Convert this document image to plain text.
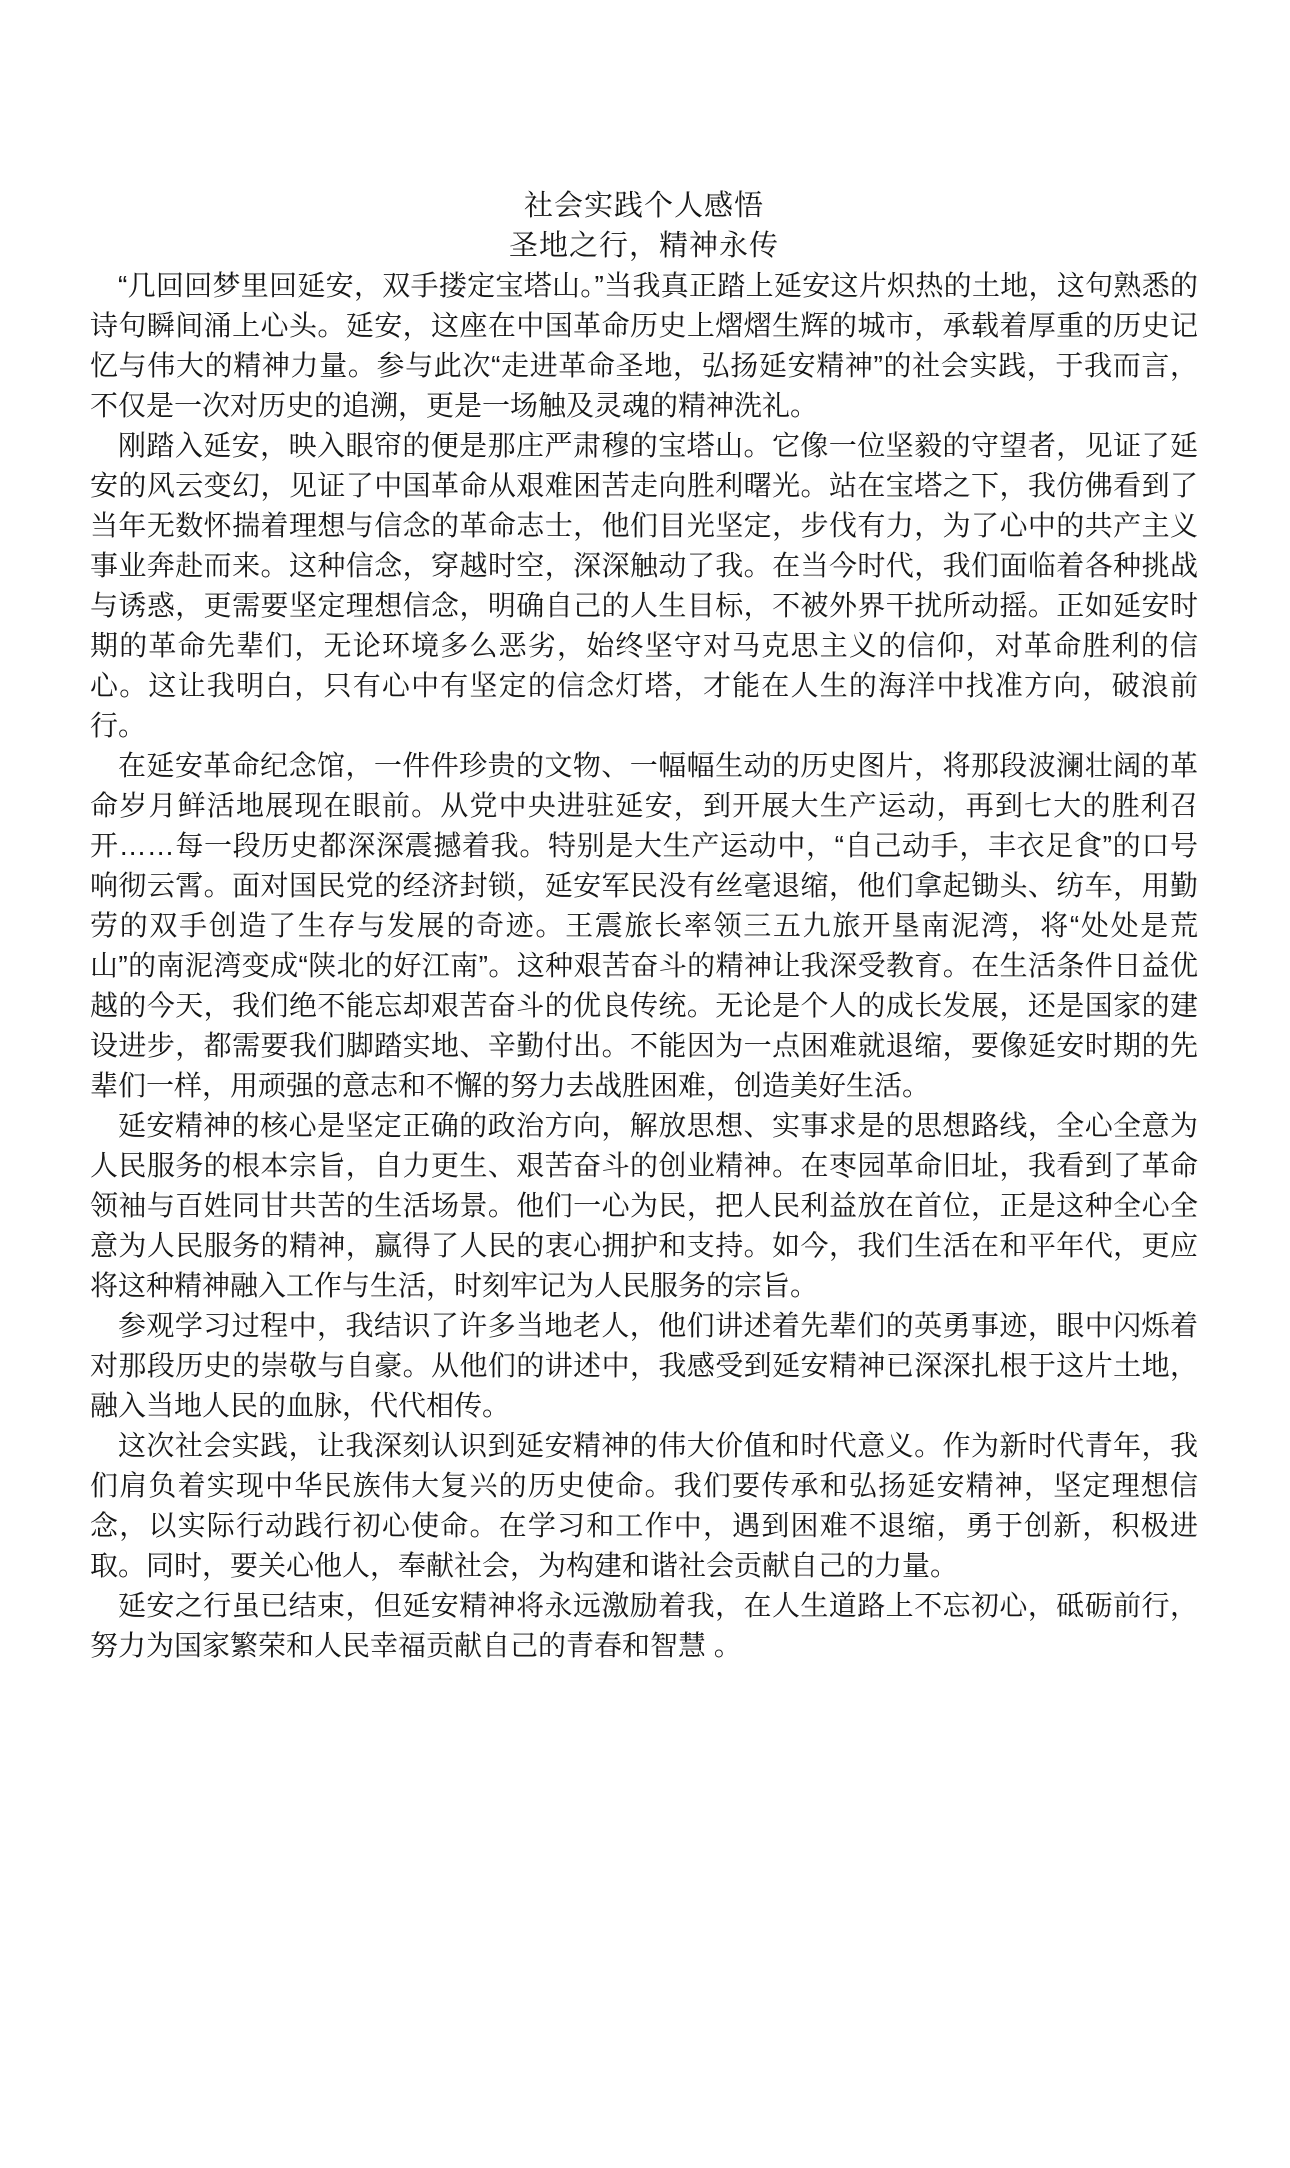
社会实践个人感悟
圣地之行，精神永传

“几回回梦里回延安，双手搂定宝塔山。”当我真正踏上延安这片炽热的土地，这句熟悉的诗句瞬间涌上心头。延安，这座在中国革命历史上熠熠生辉的城市，承载着厚重的历史记忆与伟大的精神力量。参与此次“走进革命圣地，弘扬延安精神”的社会实践，于我而言，不仅是一次对历史的追溯，更是一场触及灵魂的精神洗礼。

刚踏入延安，映入眼帘的便是那庄严肃穆的宝塔山。它像一位坚毅的守望者，见证了延安的风云变幻，见证了中国革命从艰难困苦走向胜利曙光。站在宝塔之下，我仿佛看到了当年无数怀揣着理想与信念的革命志士，他们目光坚定，步伐有力，为了心中的共产主义事业奔赴而来。这种信念，穿越时空，深深触动了我。在当今时代，我们面临着各种挑战与诱惑，更需要坚定理想信念，明确自己的人生目标，不被外界干扰所动摇。正如延安时期的革命先辈们，无论环境多么恶劣，始终坚守对马克思主义的信仰，对革命胜利的信心。这让我明白，只有心中有坚定的信念灯塔，才能在人生的海洋中找准方向，破浪前行。

在延安革命纪念馆，一件件珍贵的文物、一幅幅生动的历史图片，将那段波澜壮阔的革命岁月鲜活地展现在眼前。从党中央进驻延安，到开展大生产运动，再到七大的胜利召开……每一段历史都深深震撼着我。特别是大生产运动中，“自己动手，丰衣足食”的口号响彻云霄。面对国民党的经济封锁，延安军民没有丝毫退缩，他们拿起锄头、纺车，用勤劳的双手创造了生存与发展的奇迹。王震旅长率领三五九旅开垦南泥湾，将“处处是荒山”的南泥湾变成“陕北的好江南”。这种艰苦奋斗的精神让我深受教育。在生活条件日益优越的今天，我们绝不能忘却艰苦奋斗的优良传统。无论是个人的成长发展，还是国家的建设进步，都需要我们脚踏实地、辛勤付出。不能因为一点困难就退缩，要像延安时期的先辈们一样，用顽强的意志和不懈的努力去战胜困难，创造美好生活。

延安精神的核心是坚定正确的政治方向，解放思想、实事求是的思想路线，全心全意为人民服务的根本宗旨，自力更生、艰苦奋斗的创业精神。在枣园革命旧址，我看到了革命领袖与百姓同甘共苦的生活场景。他们一心为民，把人民利益放在首位，正是这种全心全意为人民服务的精神，赢得了人民的衷心拥护和支持。如今，我们生活在和平年代，更应将这种精神融入工作与生活，时刻牢记为人民服务的宗旨。

参观学习过程中，我结识了许多当地老人，他们讲述着先辈们的英勇事迹，眼中闪烁着对那段历史的崇敬与自豪。从他们的讲述中，我感受到延安精神已深深扎根于这片土地，融入当地人民的血脉，代代相传。

这次社会实践，让我深刻认识到延安精神的伟大价值和时代意义。作为新时代青年，我们肩负着实现中华民族伟大复兴的历史使命。我们要传承和弘扬延安精神，坚定理想信念，以实际行动践行初心使命。在学习和工作中，遇到困难不退缩，勇于创新，积极进取。同时，要关心他人，奉献社会，为构建和谐社会贡献自己的力量。

延安之行虽已结束，但延安精神将永远激励着我，在人生道路上不忘初心，砥砺前行，努力为国家繁荣和人民幸福贡献自己的青春和智慧 。
